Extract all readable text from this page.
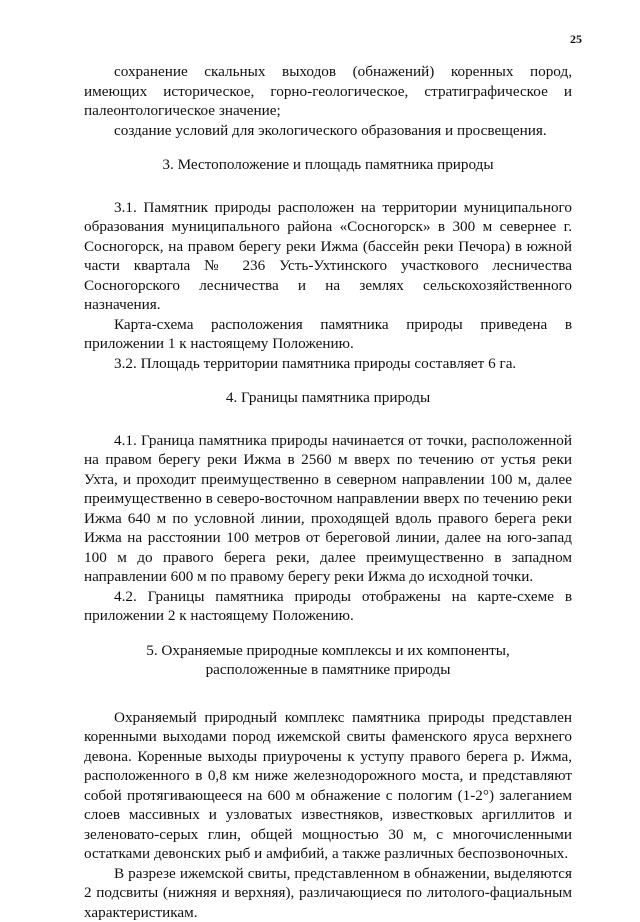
25

сохранение скальных выходов (обнажений) коренных пород, имеющих историческое, горно-геологическое, стратиграфическое и палеонтологическое значение;

создание условий для экологического образования и просвещения.

3. Местоположение и площадь памятника природы

3.1. Памятник природы расположен на территории муниципального образования муниципального района «Сосногорск» в 300 м севернее г. Сосногорск, на правом берегу реки Ижма (бассейн реки Печора) в южной части квартала № 236 Усть-Ухтинского участкового лесничества Сосногорского лесничества и на землях сельскохозяйственного назначения.

Карта-схема расположения памятника природы приведена в приложении 1 к настоящему Положению.

3.2. Площадь территории памятника природы составляет 6 га.

4. Границы памятника природы

4.1. Граница памятника природы начинается от точки, расположенной на правом берегу реки Ижма в 2560 м вверх по течению от устья реки Ухта, и проходит преимущественно в северном направлении 100 м, далее преимущественно в северо-восточном направлении вверх по течению реки Ижма 640 м по условной линии, проходящей вдоль правого берега реки Ижма на расстоянии 100 метров от береговой линии, далее на юго-запад 100 м до правого берега реки, далее преимущественно в западном направлении 600 м по правому берегу реки Ижма до исходной точки.

4.2. Границы памятника природы отображены на карте-схеме в приложении 2 к настоящему Положению.

5. Охраняемые природные комплексы и их компоненты,
расположенные в памятнике природы

Охраняемый природный комплекс памятника природы представлен коренными выходами пород ижемской свиты фаменского яруса верхнего девона. Коренные выходы приурочены к уступу правого берега р. Ижма, расположенного в 0,8 км ниже железнодорожного моста, и представляют собой протягивающееся на 600 м обнажение с пологим (1-2°) залеганием слоев массивных и узловатых известняков, известковых аргиллитов и зеленовато-серых глин, общей мощностью 30 м, с многочисленными остатками девонских рыб и амфибий, а также различных беспозвоночных.

В разрезе ижемской свиты, представленном в обнажении, выделяются 2 подсвиты (нижняя и верхняя), различающиеся по литолого-фациальным характеристикам.
